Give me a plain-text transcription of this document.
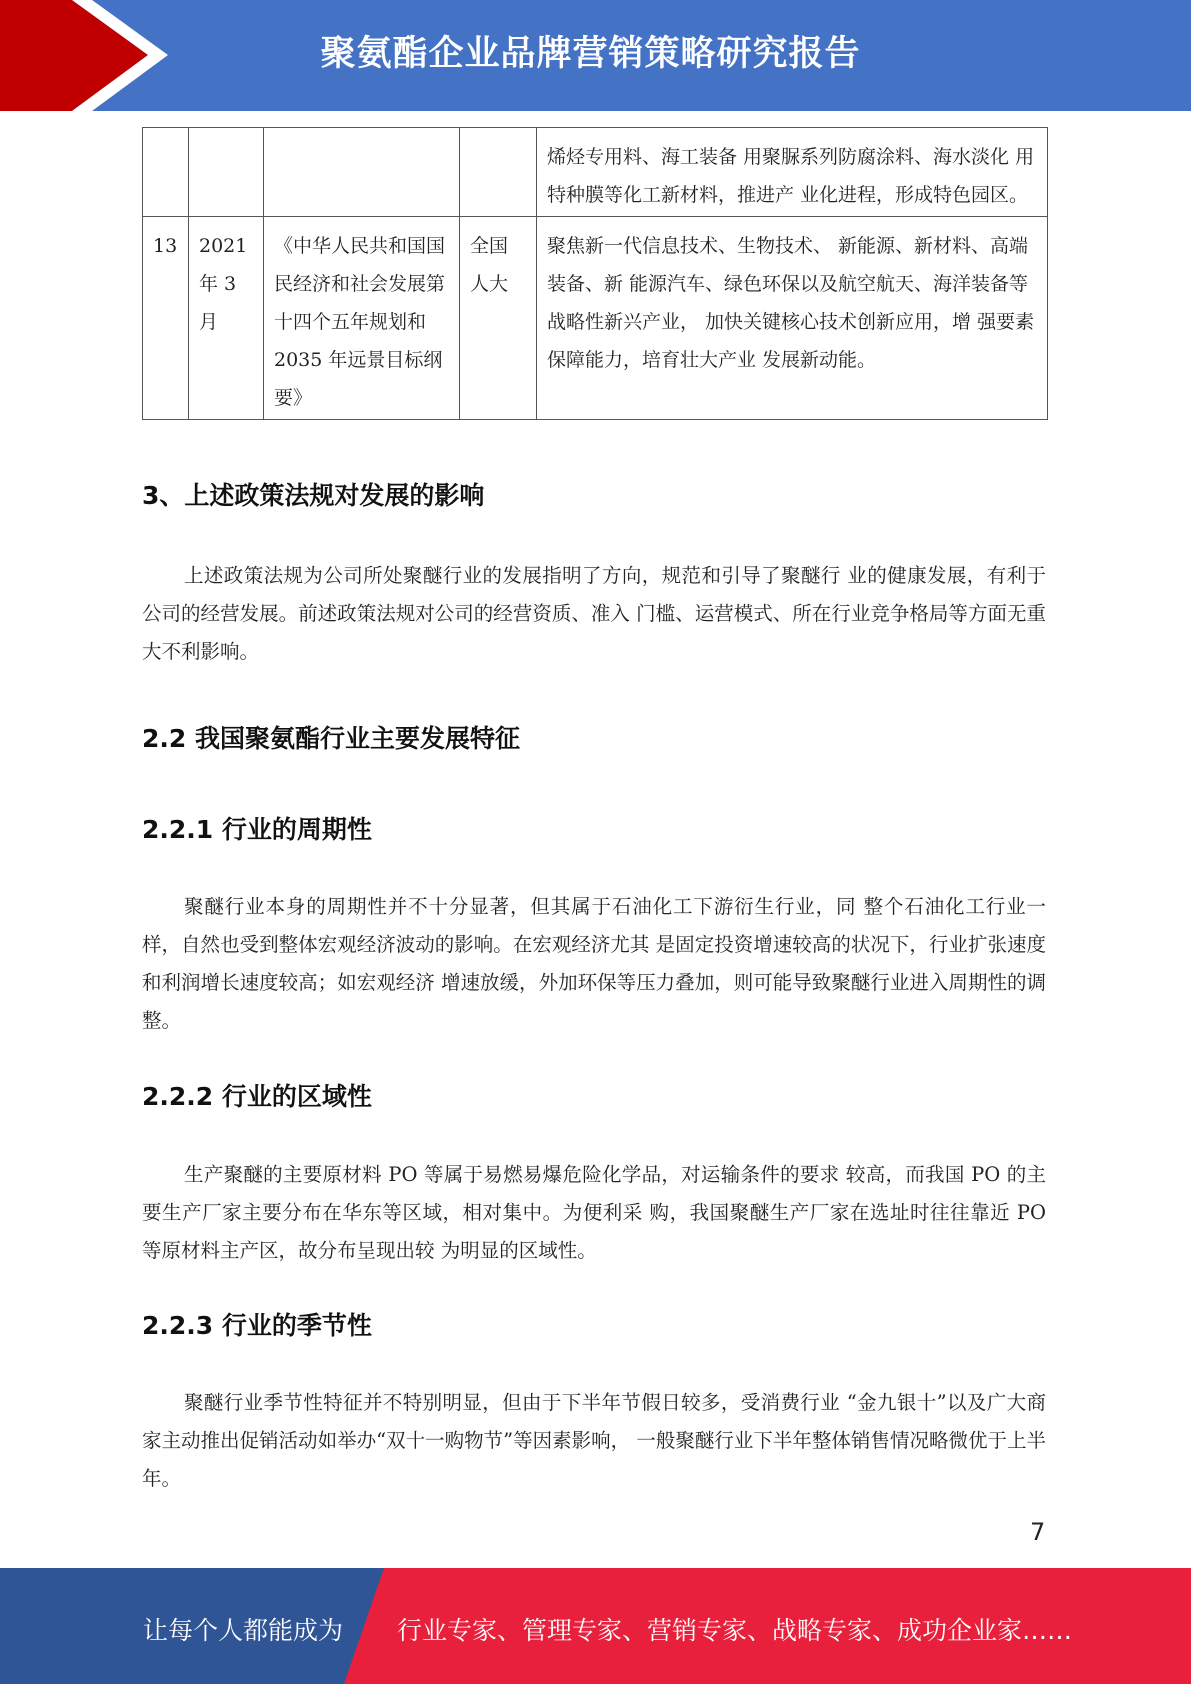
聚氨酯企业品牌营销策略研究报告
				烯烃专用料、海工装备 用聚脲系列防腐涂料、海水淡化 用特种膜等化工新材料，推进产 业化进程，形成特色园区。
13	2021 年 3 月	《中华人民共和国国民经济和社会发展第十四个五年规划和 2035 年远景目标纲要》	全国人大	聚焦新一代信息技术、生物技术、 新能源、新材料、高端装备、新 能源汽车、绿色环保以及航空航天、海洋装备等战略性新兴产业， 加快关键核心技术创新应用，增 强要素保障能力，培育壮大产业 发展新动能。
3、上述政策法规对发展的影响

上述政策法规为公司所处聚醚行业的发展指明了方向，规范和引导了聚醚行 业的健康发展，有利于公司的经营发展。前述政策法规对公司的经营资质、准入 门槛、运营模式、所在行业竞争格局等方面无重大不利影响。

2.2 我国聚氨酯行业主要发展特征
2.2.1 行业的周期性

聚醚行业本身的周期性并不十分显著，但其属于石油化工下游衍生行业，同 整个石油化工行业一样，自然也受到整体宏观经济波动的影响。在宏观经济尤其 是固定投资增速较高的状况下，行业扩张速度和利润增长速度较高；如宏观经济 增速放缓，外加环保等压力叠加，则可能导致聚醚行业进入周期性的调整。

2.2.2 行业的区域性

生产聚醚的主要原材料 PO 等属于易燃易爆危险化学品，对运输条件的要求 较高，而我国 PO 的主要生产厂家主要分布在华东等区域，相对集中。为便利采 购，我国聚醚生产厂家在选址时往往靠近 PO 等原材料主产区，故分布呈现出较 为明显的区域性。

2.2.3 行业的季节性

聚醚行业季节性特征并不特别明显，但由于下半年节假日较多，受消费行业 “金九银十”以及广大商家主动推出促销活动如举办“双十一购物节”等因素影响， 一般聚醚行业下半年整体销售情况略微优于上半年。

7
让每个人都能成为 行业专家、管理专家、营销专家、战略专家、成功企业家……
